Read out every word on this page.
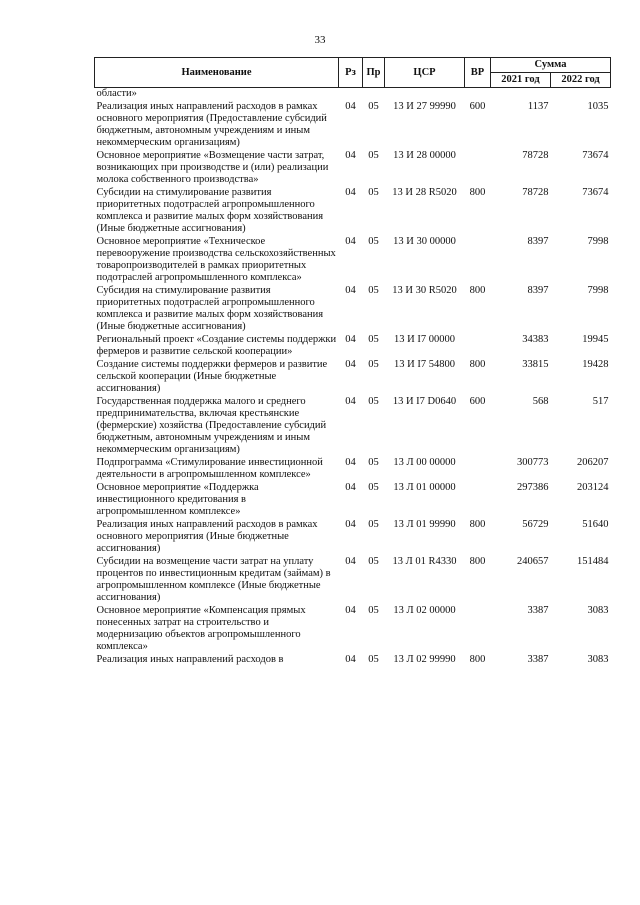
33
Наименование	Рз	Пр	ЦСР	ВР	Сумма	
					2021 год	2022 год
области»						
Реализация иных направлений расходов в рамках основного мероприятия (Предоставление субсидий бюджетным, автономным учреждениям и иным некоммерческим организациям)	04	05	13 И 27 99990	600	1137	1035
Основное мероприятие «Возмещение части затрат, возникающих при производстве и (или) реализации молока собственного производства»	04	05	13 И 28 00000		78728	73674
Субсидии на стимулирование развития приоритетных подотраслей агропромышленного комплекса и развитие малых форм хозяйствования (Иные бюджетные ассигнования)	04	05	13 И 28 R5020	800	78728	73674
Основное мероприятие «Техническое перевооружение производства сельскохозяйственных товаропроизводителей в рамках приоритетных подотраслей агропромышленного комплекса»	04	05	13 И 30 00000		8397	7998
Субсидия на стимулирование развития приоритетных подотраслей агропромышленного комплекса и развитие малых форм хозяйствования (Иные бюджетные ассигнования)	04	05	13 И 30 R5020	800	8397	7998
Региональный проект «Создание системы поддержки фермеров и развитие сельской кооперации»	04	05	13 И I7 00000		34383	19945
Создание системы поддержки фермеров и развитие сельской кооперации (Иные бюджетные ассигнования)	04	05	13 И I7 54800	800	33815	19428
Государственная поддержка малого и среднего предпринимательства, включая крестьянские (фермерские) хозяйства (Предоставление субсидий бюджетным, автономным учреждениям и иным некоммерческим организациям)	04	05	13 И I7 D0640	600	568	517
Подпрограмма «Стимулирование инвестиционной деятельности в агропромышленном комплексе»	04	05	13 Л 00 00000		300773	206207
Основное мероприятие «Поддержка инвестиционного кредитования в агропромышленном комплексе»	04	05	13 Л 01 00000		297386	203124
Реализация иных направлений расходов в рамках основного мероприятия (Иные бюджетные ассигнования)	04	05	13 Л 01 99990	800	56729	51640
Субсидии на возмещение части затрат на уплату процентов по инвестиционным кредитам (займам) в агропромышленном комплексе (Иные бюджетные ассигнования)	04	05	13 Л 01 R4330	800	240657	151484
Основное мероприятие «Компенсация прямых понесенных затрат на строительство и модернизацию объектов агропромышленного комплекса»	04	05	13 Л 02 00000		3387	3083
Реализация иных направлений расходов в	04	05	13 Л 02 99990	800	3387	3083
